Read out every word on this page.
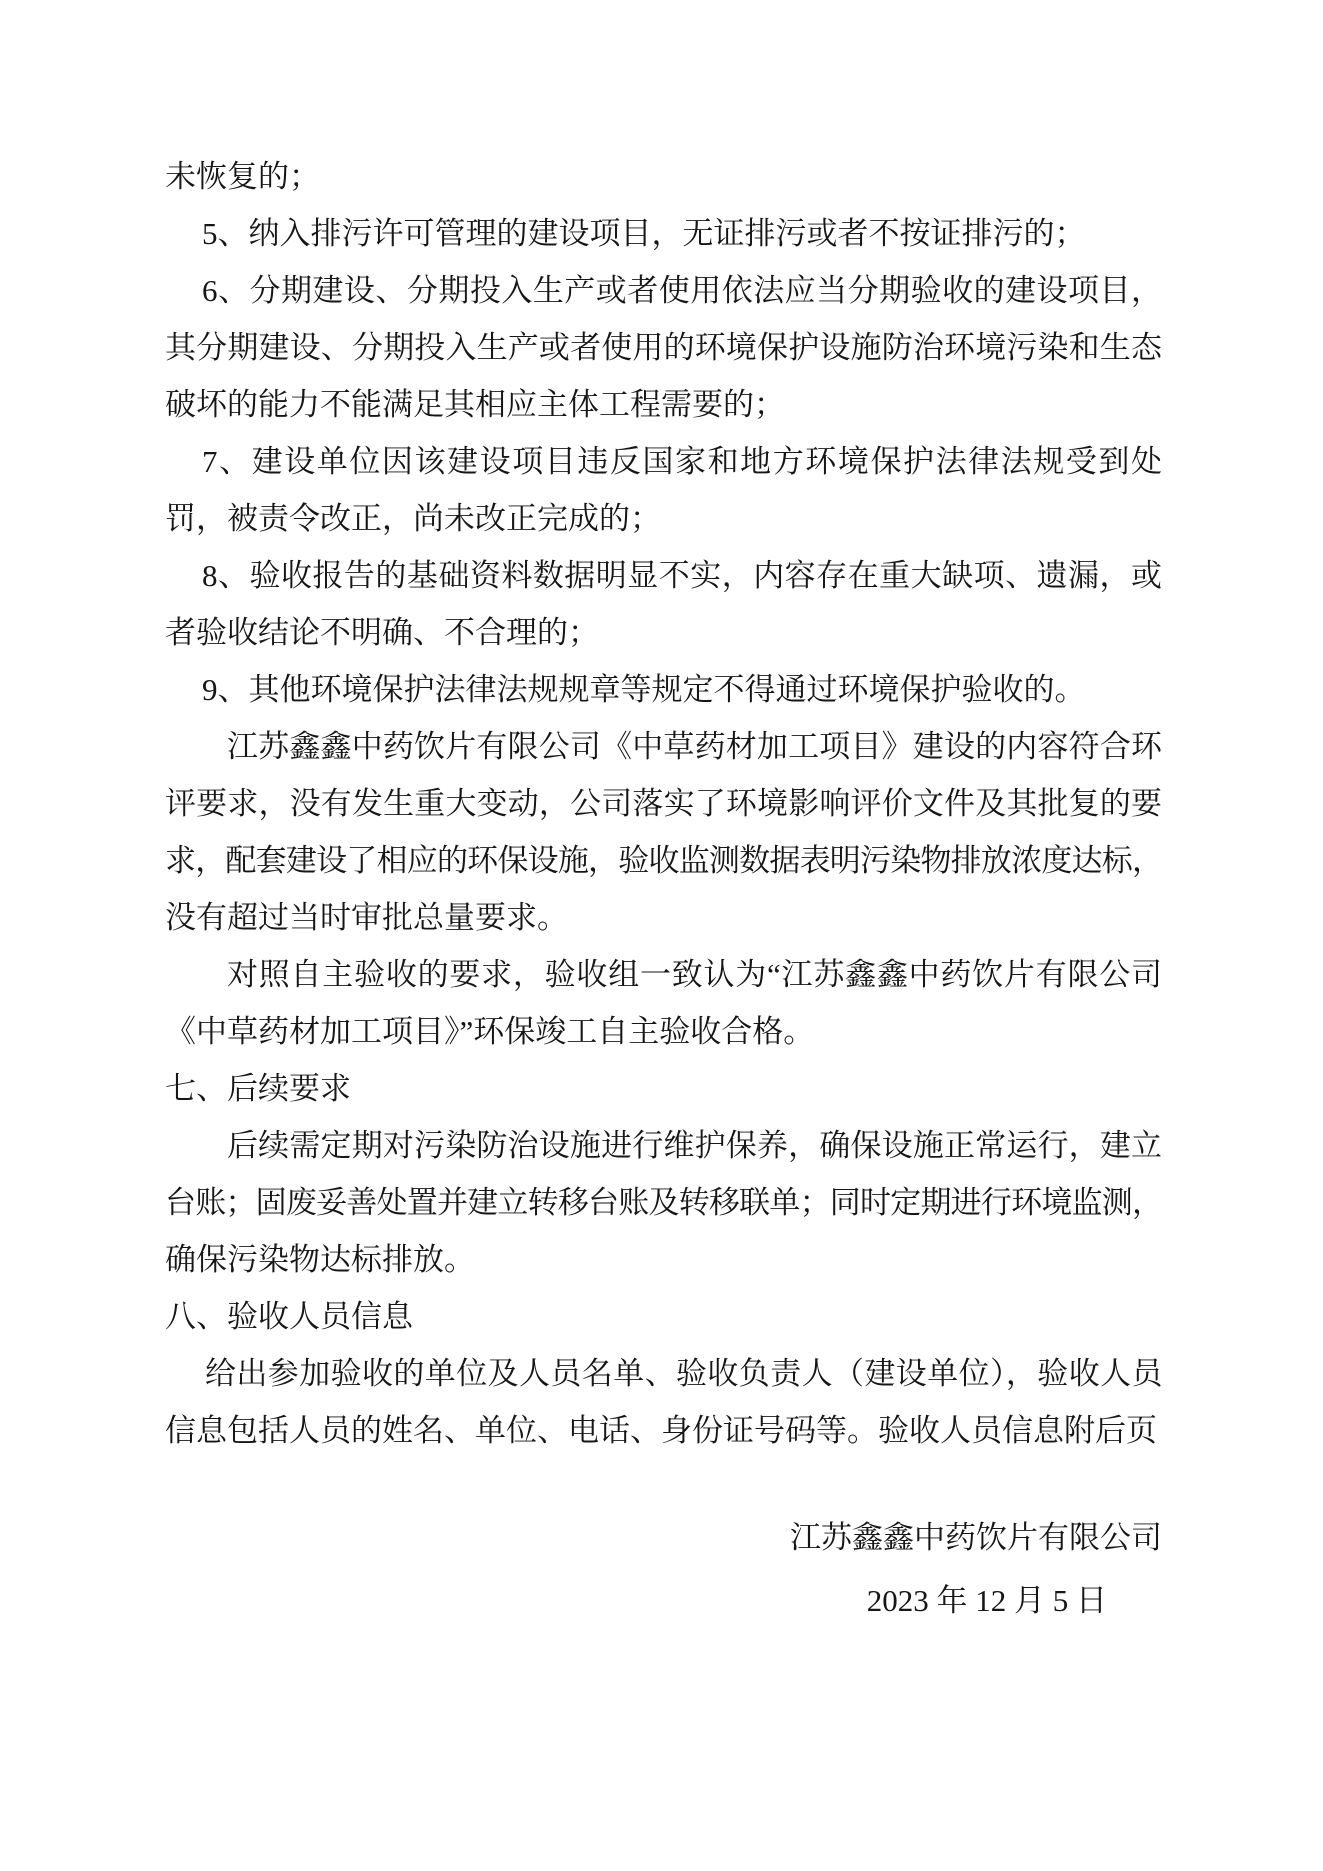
未恢复的；
5、纳入排污许可管理的建设项目，无证排污或者不按证排污的；
6、分期建设、分期投入生产或者使用依法应当分期验收的建设项目，
其分期建设、分期投入生产或者使用的环境保护设施防治环境污染和生态
破坏的能力不能满足其相应主体工程需要的；
7、建设单位因该建设项目违反国家和地方环境保护法律法规受到处
罚，被责令改正，尚未改正完成的；
8、验收报告的基础资料数据明显不实，内容存在重大缺项、遗漏，或
者验收结论不明确、不合理的；
9、其他环境保护法律法规规章等规定不得通过环境保护验收的。
江苏鑫鑫中药饮片有限公司《中草药材加工项目》建设的内容符合环
评要求，没有发生重大变动，公司落实了环境影响评价文件及其批复的要
求，配套建设了相应的环保设施，验收监测数据表明污染物排放浓度达标，
没有超过当时审批总量要求。
对照自主验收的要求，验收组一致认为“江苏鑫鑫中药饮片有限公司
《中草药材加工项目》”环保竣工自主验收合格。
七、后续要求
后续需定期对污染防治设施进行维护保养，确保设施正常运行，建立
台账；固废妥善处置并建立转移台账及转移联单；同时定期进行环境监测，
确保污染物达标排放。
八、验收人员信息
给出参加验收的单位及人员名单、验收负责人（建设单位），验收人员
信息包括人员的姓名、单位、电话、身份证号码等。验收人员信息附后页
江苏鑫鑫中药饮片有限公司
2023 年 12 月 5 日
